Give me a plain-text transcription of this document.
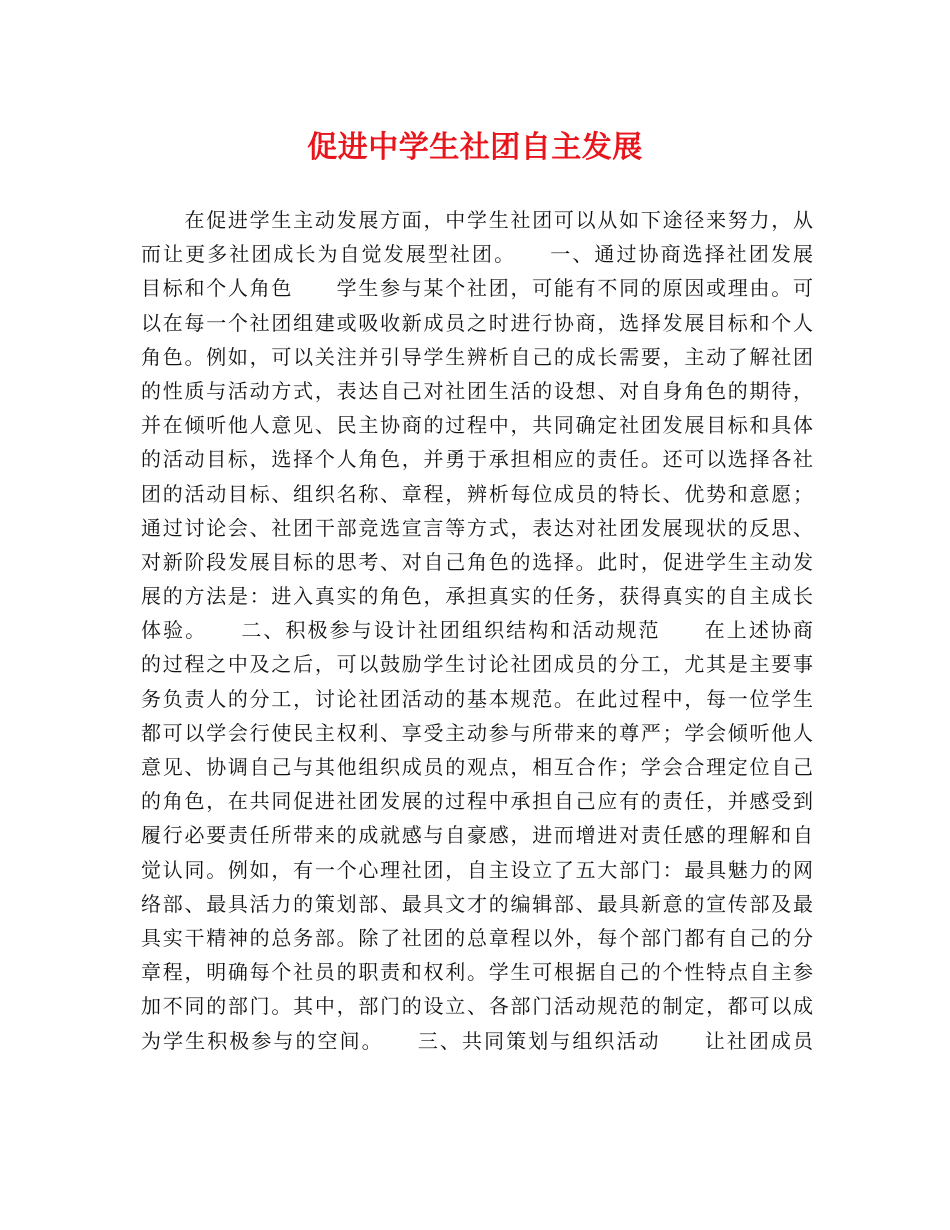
促进中学生社团自主发展
　　在促进学生主动发展方面，中学生社团可以从如下途径来努力，从
而让更多社团成长为自觉发展型社团。　　一、通过协商选择社团发展
目标和个人角色　　学生参与某个社团，可能有不同的原因或理由。可
以在每一个社团组建或吸收新成员之时进行协商，选择发展目标和个人
角色。例如，可以关注并引导学生辨析自己的成长需要，主动了解社团
的性质与活动方式，表达自己对社团生活的设想、对自身角色的期待，
并在倾听他人意见、民主协商的过程中，共同确定社团发展目标和具体
的活动目标，选择个人角色，并勇于承担相应的责任。还可以选择各社
团的活动目标、组织名称、章程，辨析每位成员的特长、优势和意愿；
通过讨论会、社团干部竞选宣言等方式，表达对社团发展现状的反思、
对新阶段发展目标的思考、对自己角色的选择。此时，促进学生主动发
展的方法是：进入真实的角色，承担真实的任务，获得真实的自主成长
体验。　　二、积极参与设计社团组织结构和活动规范　　在上述协商
的过程之中及之后，可以鼓励学生讨论社团成员的分工，尤其是主要事
务负责人的分工，讨论社团活动的基本规范。在此过程中，每一位学生
都可以学会行使民主权利、享受主动参与所带来的尊严；学会倾听他人
意见、协调自己与其他组织成员的观点，相互合作；学会合理定位自己
的角色，在共同促进社团发展的过程中承担自己应有的责任，并感受到
履行必要责任所带来的成就感与自豪感，进而增进对责任感的理解和自
觉认同。例如，有一个心理社团，自主设立了五大部门：最具魅力的网
络部、最具活力的策划部、最具文才的编辑部、最具新意的宣传部及最
具实干精神的总务部。除了社团的总章程以外，每个部门都有自己的分
章程，明确每个社员的职责和权利。学生可根据自己的个性特点自主参
加不同的部门。其中，部门的设立、各部门活动规范的制定，都可以成
为学生积极参与的空间。　　三、共同策划与组织活动　　让社团成员
